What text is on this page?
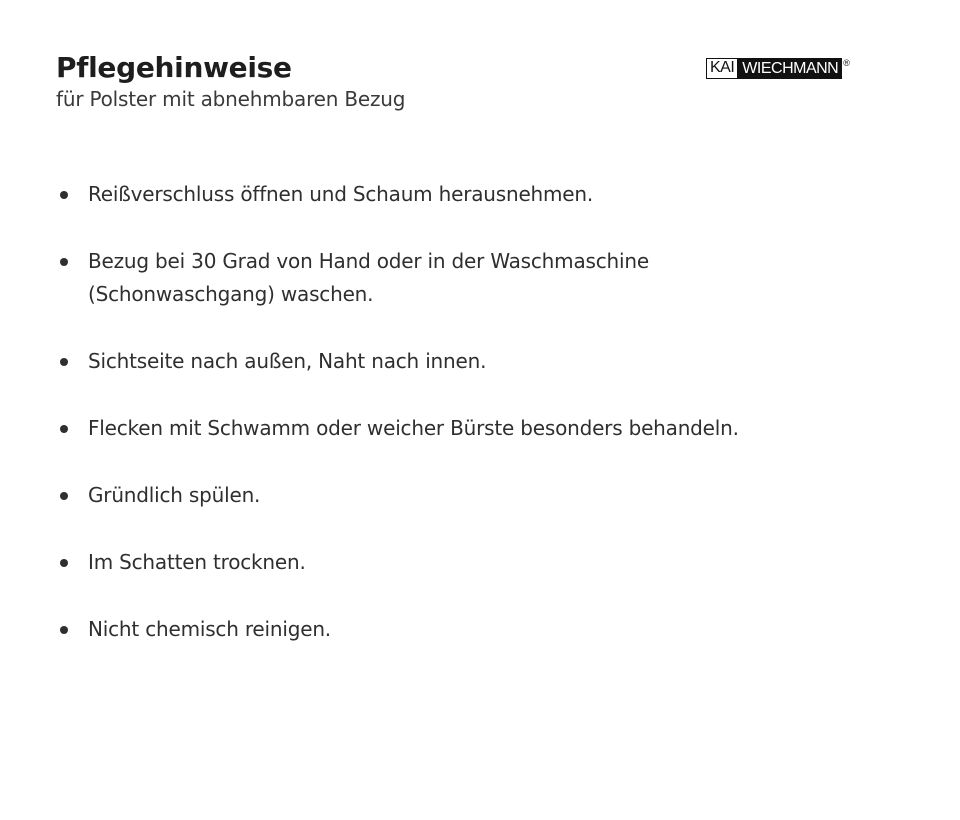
Pflegehinweise
für Polster mit abnehmbaren Bezug
KAI WIECHMANN ®
Reißverschluss öffnen und Schaum herausnehmen.
Bezug bei 30 Grad von Hand oder in der Waschmaschine (Schonwaschgang) waschen.
Sichtseite nach außen, Naht nach innen.
Flecken mit Schwamm oder weicher Bürste besonders behandeln.
Gründlich spülen.
Im Schatten trocknen.
Nicht chemisch reinigen.
